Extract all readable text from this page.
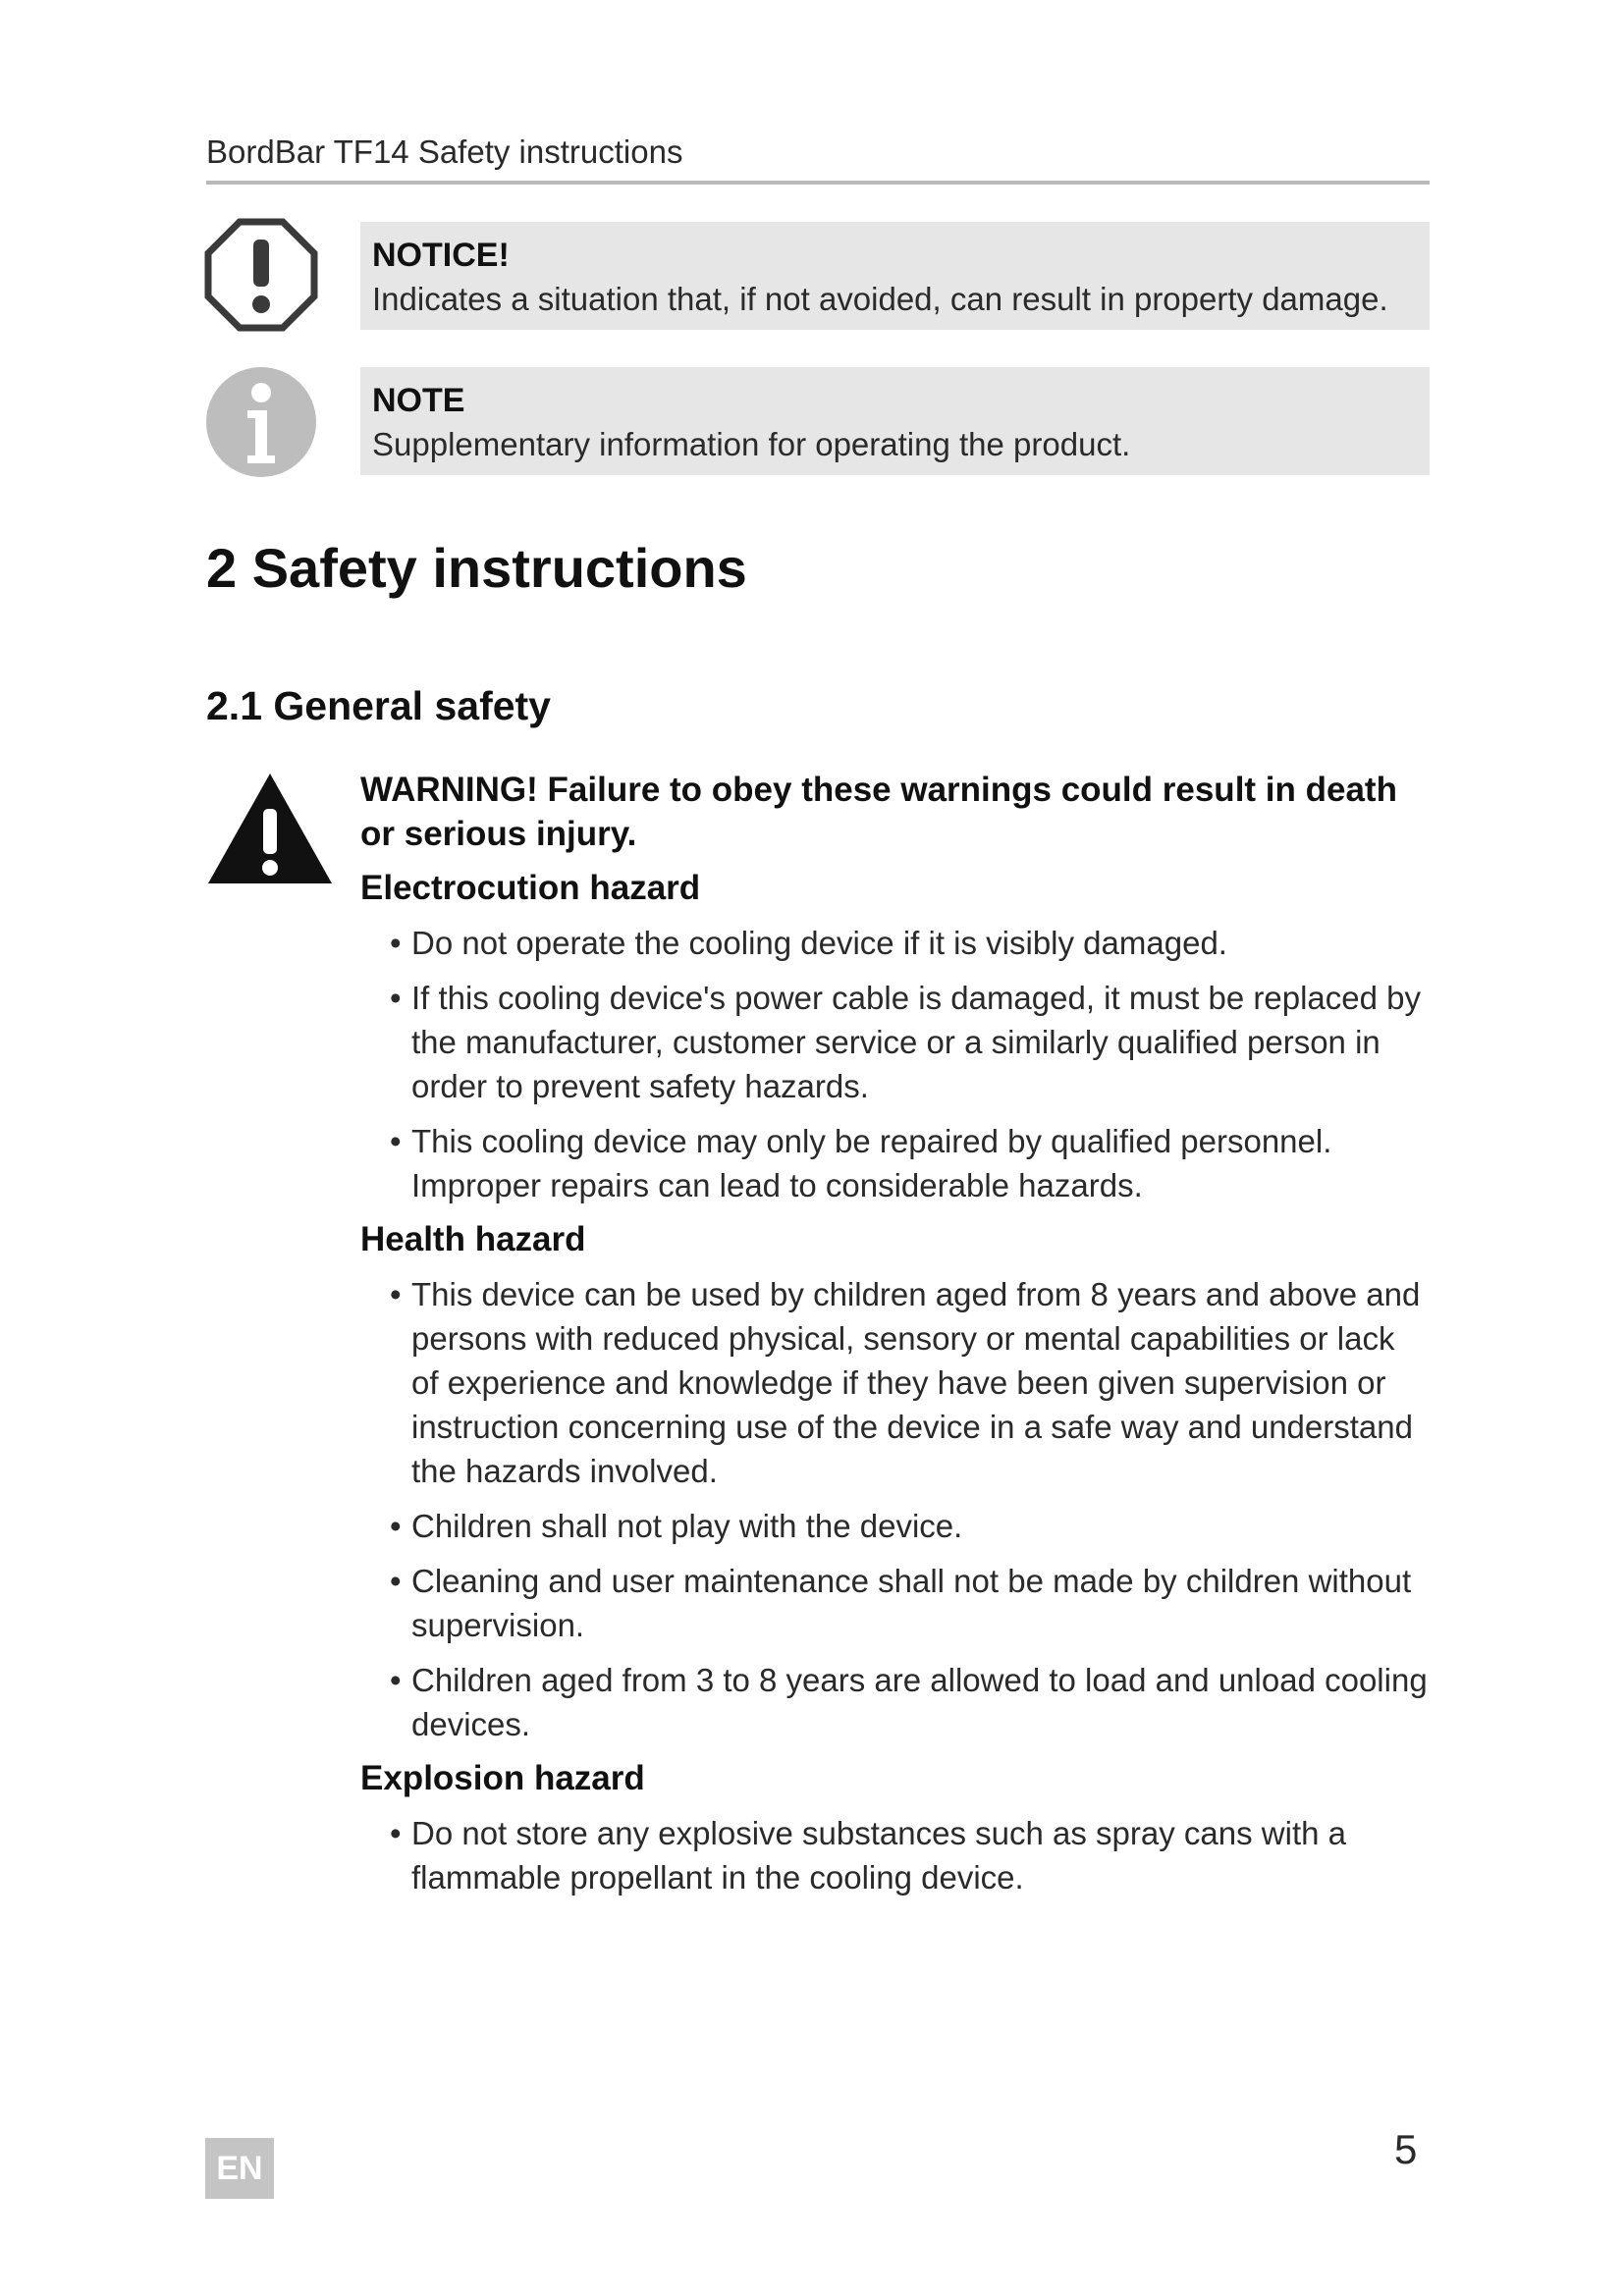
BordBar TF14 Safety instructions
NOTICE!
Indicates a situation that, if not avoided, can result in property damage.
NOTE
Supplementary information for operating the product.
2 Safety instructions
2.1 General safety
WARNING! Failure to obey these warnings could result in death or serious injury.
Electrocution hazard
• Do not operate the cooling device if it is visibly damaged.
• If this cooling device's power cable is damaged, it must be replaced by the manufacturer, customer service or a similarly qualified person in order to prevent safety hazards.
• This cooling device may only be repaired by qualified personnel. Improper repairs can lead to considerable hazards.
Health hazard
• This device can be used by children aged from 8 years and above and persons with reduced physical, sensory or mental capabilities or lack of experience and knowledge if they have been given supervision or instruction concerning use of the device in a safe way and understand the hazards involved.
• Children shall not play with the device.
• Cleaning and user maintenance shall not be made by children without supervision.
• Children aged from 3 to 8 years are allowed to load and unload cooling devices.
Explosion hazard
• Do not store any explosive substances such as spray cans with a flammable propellant in the cooling device.
EN	5
